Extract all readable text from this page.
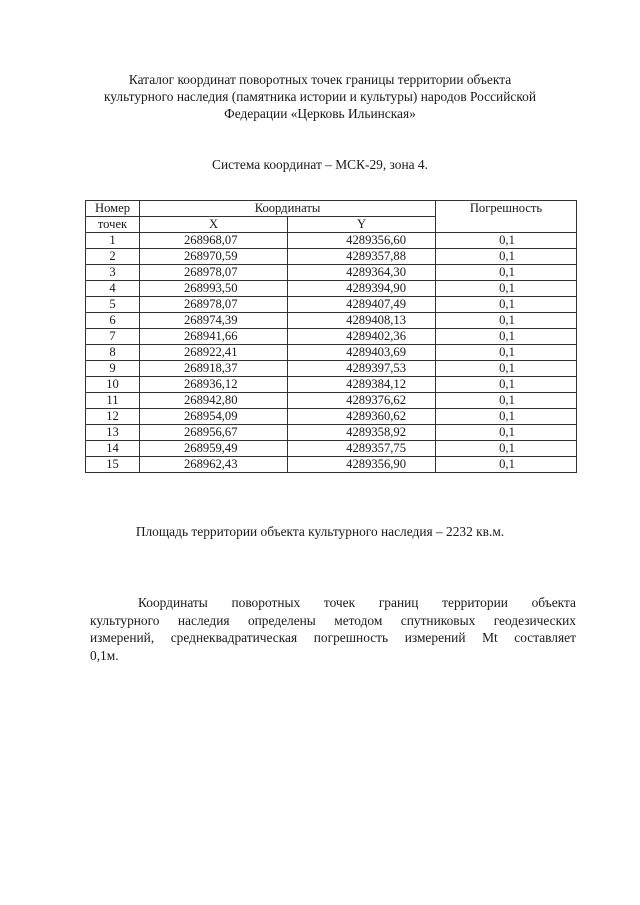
Каталог координат поворотных точек границы территории объекта
культурного наследия (памятника истории и культуры) народов Российской
Федерации «Церковь Ильинская»
Система координат – МСК-29, зона 4.
Номер	Координаты		Погрешность
точек	X	Y	
1	268968,07	4289356,60	0,1
2	268970,59	4289357,88	0,1
3	268978,07	4289364,30	0,1
4	268993,50	4289394,90	0,1
5	268978,07	4289407,49	0,1
6	268974,39	4289408,13	0,1
7	268941,66	4289402,36	0,1
8	268922,41	4289403,69	0,1
9	268918,37	4289397,53	0,1
10	268936,12	4289384,12	0,1
11	268942,80	4289376,62	0,1
12	268954,09	4289360,62	0,1
13	268956,67	4289358,92	0,1
14	268959,49	4289357,75	0,1
15	268962,43	4289356,90	0,1
Площадь территории объекта культурного наследия – 2232 кв.м.
Координаты поворотных точек границ территории объекта
культурного наследия определены методом спутниковых геодезических
измерений, среднеквадратическая погрешность измерений Mt составляет
0,1м.
